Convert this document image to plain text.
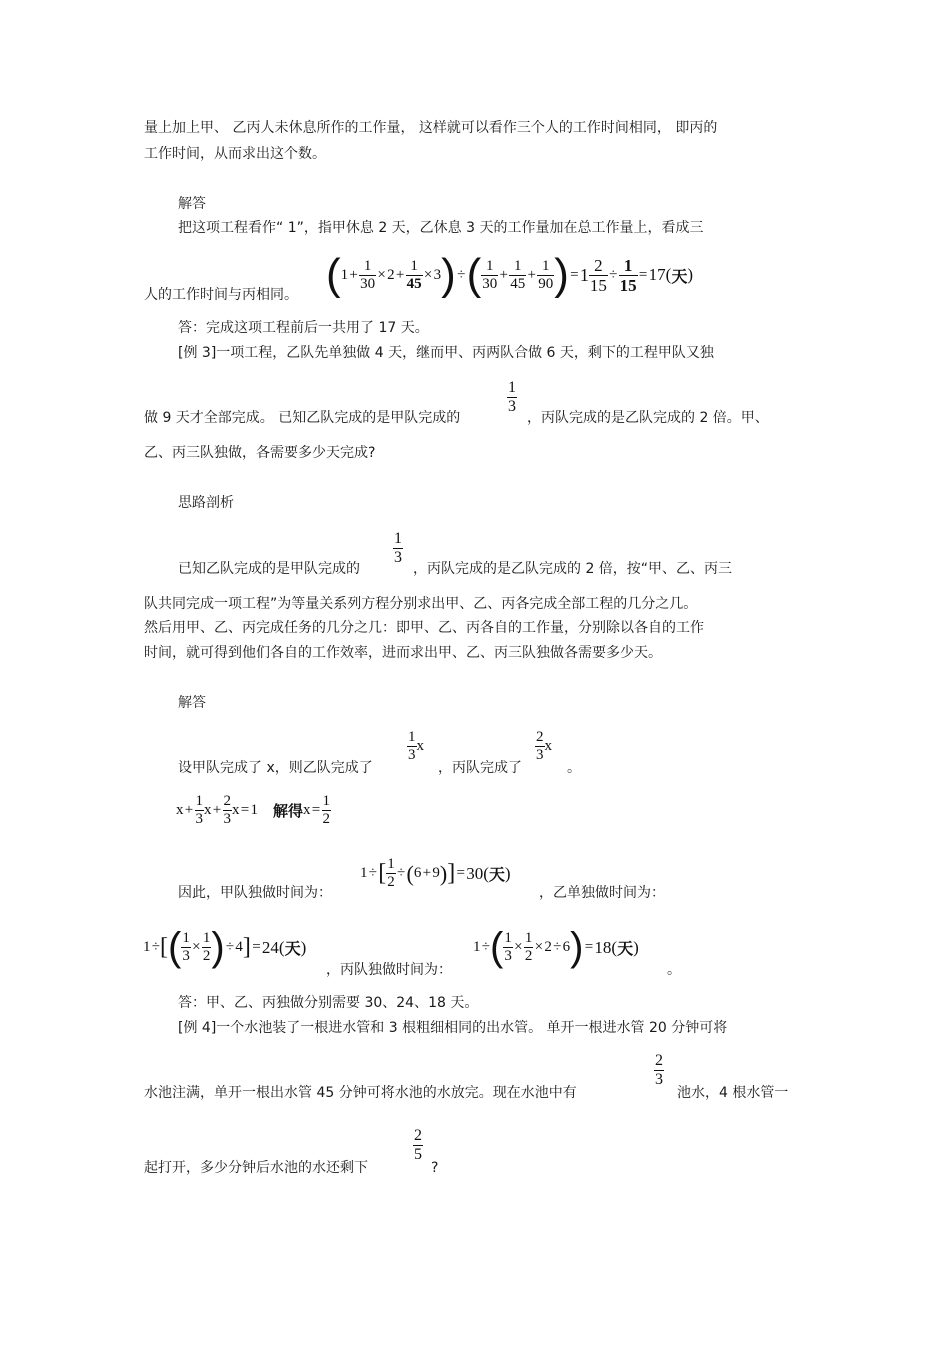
量上加上甲、 乙丙人未休息所作的工作量， 这样就可以看作三个人的工作时间相同， 即丙的

工作时间，从而求出这个数。

解答

把这项工程看作“ 1”，指甲休息 2 天，乙休息 3 天的工作量加在总工作量上，看成三

人的工作时间与丙相同。 ( 1
  +
  $\frac{1}{30}$
  ×
  2
  +
  $\frac{1}{45}$
  ×
  3 )
  ÷
  ( $\frac{1}{30}$
  +
  $\frac{1}{45}$
  +
  $\frac{1}{90}$ )
  =
  $1 \frac{2}{15}$
  ÷
  $\frac{1}{15}$
  =
  17 ( 天 )

答：完成这项工程前后一共用了 17 天。

[例 3]一项工程，乙队先单独做 4 天，继而甲、丙两队合做 6 天，剩下的工程甲队又独

做 9 天才全部完成。 已知乙队完成的是甲队完成的

$\frac{1}{3}$

，丙队完成的是乙队完成的 2 倍。甲、

乙、丙三队独做，各需要多少天完成?

思路剖析

已知乙队完成的是甲队完成的

$\frac{1}{3}$

，丙队完成的是乙队完成的 2 倍，按“甲、乙、丙三

队共同完成一项工程”为等量关系列方程分别求出甲、乙、丙各完成全部工程的几分之几。

然后用甲、乙、丙完成任务的几分之几：即甲、乙、丙各自的工作量，分别除以各自的工作

时间，就可得到他们各自的工作效率，进而求出甲、乙、丙三队独做各需要多少天。

解答

设甲队完成了 x，则乙队完成了

$\frac{1}{3}$ x

，丙队完成了

$\frac{2}{3}$ x

。

x
  +
  $\frac{1}{3}$ x
  +
  $\frac{2}{3}$ x
  =
  1
  解得 x
  =
  $\frac{1}{2}$

因此，甲队独做时间为：

1
  ÷
  [ $\frac{1}{2}$
  ÷
  ( 6
  +
  9 ) ]
  =
  30 ( 天 )

，乙单独做时间为：

1
  ÷ [ ( $\frac{1}{3}$
  ×
  $\frac{1}{2}$ )
  ÷
  4 ]
  =
  24 ( 天 )

，丙队独做时间为：

1
  ÷ ( $\frac{1}{3}$
  ×
  $\frac{1}{2}$
  ×
  2
  ÷
  6 )
  =
  18 ( 天 )

。

答：甲、乙、丙独做分别需要 30、24、18 天。

[例 4]一个水池装了一根进水管和 3 根粗细相同的出水管。 单开一根进水管 20 分钟可将

水池注满，单开一根出水管 45 分钟可将水池的水放完。现在水池中有

$\frac{2}{3}$

池水，4 根水管一

起打开，多少分钟后水池的水还剩下

$\frac{2}{5}$

?
